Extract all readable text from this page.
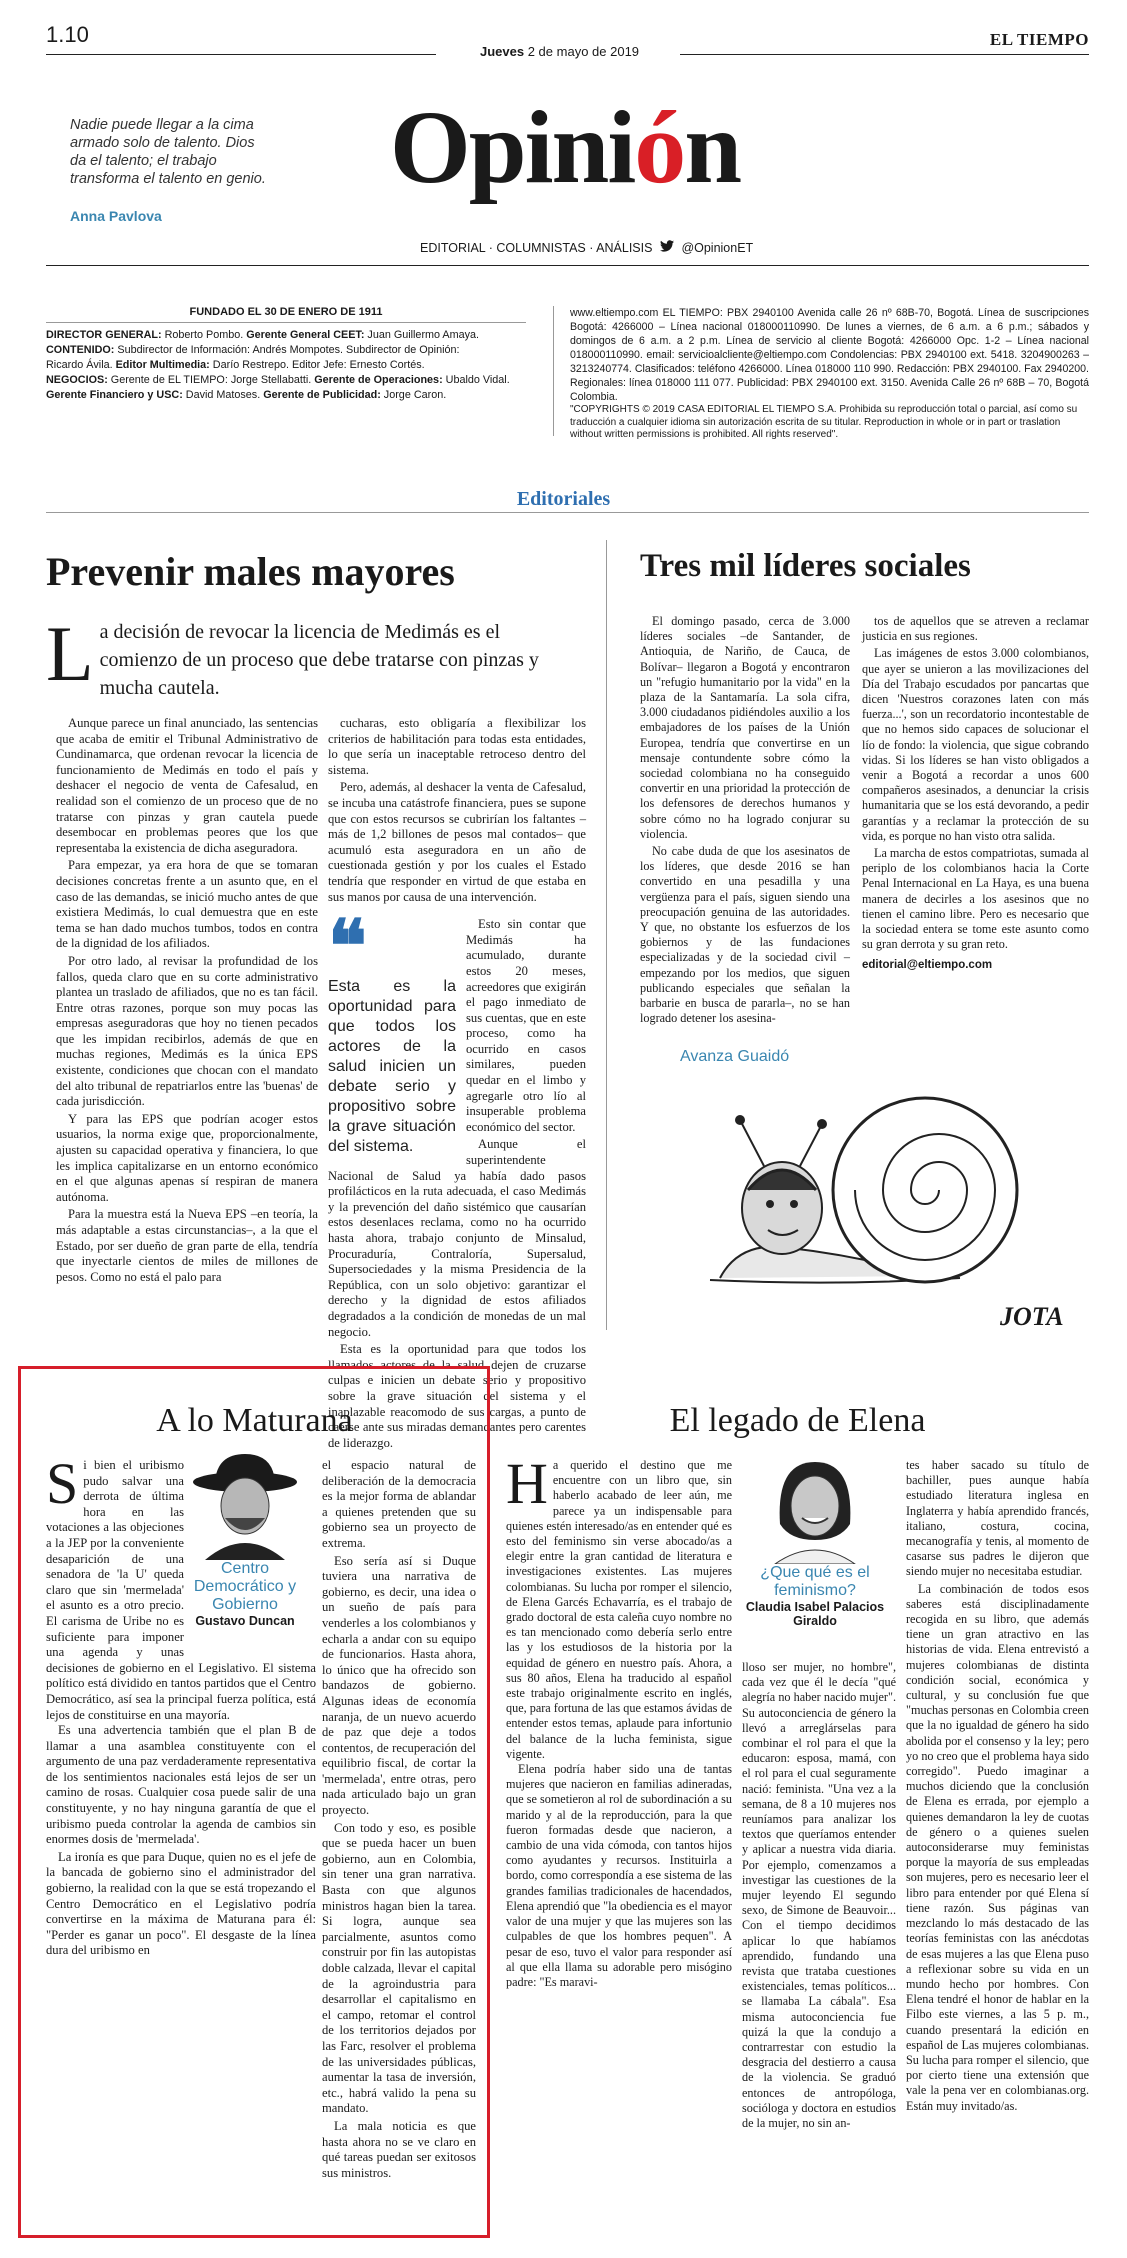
1.10
Jueves 2 de mayo de 2019
EL TIEMPO
Nadie puede llegar a la cima armado solo de talento. Dios da el talento; el trabajo transforma el talento en genio.
Anna Pavlova
Opinión
EDITORIAL · COLUMNISTAS · ANÁLISIS @OpinionET
FUNDADO EL 30 DE ENERO DE 1911
DIRECTOR GENERAL: Roberto Pombo. Gerente General CEET: Juan Guillermo Amaya.
CONTENIDO: Subdirector de Información: Andrés Mompotes. Subdirector de Opinión:
Ricardo Ávila. Editor Multimedia: Darío Restrepo. Editor Jefe: Ernesto Cortés.
NEGOCIOS: Gerente de EL TIEMPO: Jorge Stellabatti. Gerente de Operaciones: Ubaldo Vidal.
Gerente Financiero y USC: David Matoses. Gerente de Publicidad: Jorge Caron.
www.eltiempo.com EL TIEMPO: PBX 2940100 Avenida calle 26 nº 68B-70, Bogotá. Línea de suscripciones Bogotá: 4266000 – Línea nacional 018000110990. De lunes a viernes, de 6 a.m. a 6 p.m.; sábados y domingos de 6 a.m. a 2 p.m. Línea de servicio al cliente Bogotá: 4266000 Opc. 1-2 – Línea nacional 018000110990. email: servicioalcliente@eltiempo.com Condolencias: PBX 2940100 ext. 5418. 3204900263 – 3213240774. Clasificados: teléfono 4266000. Línea 018000 110 990. Redacción: PBX 2940100. Fax 2940200. Regionales: línea 018000 111 077. Publicidad: PBX 2940100 ext. 3150. Avenida Calle 26 nº 68B – 70, Bogotá Colombia.
"COPYRIGHTS © 2019 CASA EDITORIAL EL TIEMPO S.A. Prohibida su reproducción total o parcial, así como su traducción a cualquier idioma sin autorización escrita de su titular. Reproduction in whole or in part or traslation without written permissions is prohibited. All rights reserved".
Editoriales
Prevenir males mayores
La decisión de revocar la licencia de Medimás es el comienzo de un proceso que debe tratarse con pinzas y mucha cautela.

Aunque parece un final anunciado, las sentencias que acaba de emitir el Tribunal Administrativo de Cundinamarca, que ordenan revocar la licencia de funcionamiento de Medimás en todo el país y deshacer el negocio de venta de Cafesalud, en realidad son el comienzo de un proceso que de no tratarse con pinzas y gran cautela puede desembocar en problemas peores que los que representaba la existencia de dicha aseguradora.

Para empezar, ya era hora de que se tomaran decisiones concretas frente a un asunto que, en el caso de las demandas, se inició mucho antes de que existiera Medimás, lo cual demuestra que en este tema se han dado muchos tumbos, todos en contra de la dignidad de los afiliados.

Por otro lado, al revisar la profundidad de los fallos, queda claro que en su corte administrativo plantea un traslado de afiliados, que no es tan fácil. Entre otras razones, porque son muy pocas las empresas aseguradoras que hoy no tienen pecados que les impidan recibirlos, además de que en muchas regiones, Medimás es la única EPS existente, condiciones que chocan con el mandato del alto tribunal de repatriarlos entre las 'buenas' de cada jurisdicción.

Y para las EPS que podrían acoger estos usuarios, la norma exige que, proporcionalmente, ajusten su capacidad operativa y financiera, lo que les implica capitalizarse en un entorno económico en el que algunas apenas sí respiran de manera autónoma.

Para la muestra está la Nueva EPS –en teoría, la más adaptable a estas circunstancias–, a la que el Estado, por ser dueño de gran parte de ella, tendría que inyectarle cientos de miles de millones de pesos. Como no está el palo para

cucharas, esto obligaría a flexibilizar los criterios de habilitación para todas esta entidades, lo que sería un inaceptable retroceso dentro del sistema.

Pero, además, al deshacer la venta de Cafesalud, se incuba una catástrofe financiera, pues se supone que con estos recursos se cubrirían los faltantes –más de 1,2 billones de pesos mal contados– que acumuló esta aseguradora en un año de cuestionada gestión y por los cuales el Estado tendría que responder en virtud de que estaba en sus manos por causa de una intervención.

❝
Esta es la oportunidad para que todos los actores de la salud inicien un debate serio y propositivo sobre la grave situación del sistema.

Esto sin contar que Medimás ha acumulado, durante estos 20 meses, acreedores que exigirán el pago inmediato de sus cuentas, que en este proceso, como ha ocurrido en casos similares, pueden quedar en el limbo y agregarle otro lío al insuperable problema económico del sector.

Aunque el superintendente Nacional de Salud ya había dado pasos profilácticos en la ruta adecuada, el caso Medimás y la prevención del daño sistémico que causarían estos desenlaces reclama, como no ha ocurrido hasta ahora, trabajo conjunto de Minsalud, Procuraduría, Contraloría, Supersalud, Supersociedades y la misma Presidencia de la República, con un solo objetivo: garantizar el derecho y la dignidad de estos afiliados degradados a la condición de monedas de un mal negocio.

Esta es la oportunidad para que todos los llamados actores de la salud dejen de cruzarse culpas e inicien un debate serio y propositivo sobre la grave situación del sistema y el inaplazable reacomodo de sus cargas, a punto de caerse ante sus miradas demandantes pero carentes de liderazgo.

Tres mil líderes sociales

El domingo pasado, cerca de 3.000 líderes sociales –de Santander, de Antioquia, de Nariño, de Cauca, de Bolívar– llegaron a Bogotá y encontraron un "refugio humanitario por la vida" en la plaza de la Santamaría. La sola cifra, 3.000 ciudadanos pidiéndoles auxilio a los embajadores de los países de la Unión Europea, tendría que convertirse en un mensaje contundente sobre cómo la sociedad colombiana no ha conseguido convertir en una prioridad la protección de los defensores de derechos humanos y sobre cómo no ha logrado conjurar su violencia.

No cabe duda de que los asesinatos de los líderes, que desde 2016 se han convertido en una pesadilla y una vergüenza para el país, siguen siendo una preocupación genuina de las autoridades. Y que, no obstante los esfuerzos de los gobiernos y de las fundaciones especializadas y de la sociedad civil –empezando por los medios, que siguen publicando especiales que señalan la barbarie en busca de pararla–, no se han logrado detener los asesina-

tos de aquellos que se atreven a reclamar justicia en sus regiones.

Las imágenes de estos 3.000 colombianos, que ayer se unieron a las movilizaciones del Día del Trabajo escudados por pancartas que dicen 'Nuestros corazones laten con más fuerza...', son un recordatorio incontestable de que no hemos sido capaces de solucionar el lío de fondo: la violencia, que sigue cobrando vidas. Si los líderes se han visto obligados a venir a Bogotá a recordar a unos 600 compañeros asesinados, a denunciar la crisis humanitaria que se los está devorando, a pedir garantías y a reclamar la protección de su vida, es porque no han visto otra salida.

La marcha de estos compatriotas, sumada al periplo de los colombianos hacia la Corte Penal Internacional en La Haya, es una buena manera de decirles a los asesinos que no tienen el camino libre. Pero es necesario que la sociedad entera se tome este asunto como su gran derrota y su gran reto.

editorial@eltiempo.com
Avanza Guaidó
JOTA
A lo Maturana
Centro Democrático y Gobierno
Gustavo Duncan
S i bien el uribismo pudo salvar una derrota de última hora en las votaciones a las objeciones a la JEP por la conveniente desaparición de una senadora de 'la U' queda claro que sin 'mermelada' el asunto es a otro precio. El carisma de Uribe no es suficiente para imponer una agenda y unas decisiones de gobierno en el Legislativo. El sistema político está dividido en tantos partidos que el Centro Democrático, así sea la principal fuerza política, está lejos de constituirse en una mayoría.

Es una advertencia también que el plan B de llamar a una asamblea constituyente con el argumento de una paz verdaderamente representativa de los sentimientos nacionales está lejos de ser un camino de rosas. Cualquier cosa puede salir de una constituyente, y no hay ninguna garantía de que el uribismo pueda controlar la agenda de cambios sin enormes dosis de 'mermelada'.

La ironía es que para Duque, quien no es el jefe de la bancada de gobierno sino el administrador del gobierno, la realidad con la que se está tropezando el Centro Democrático en el Legislativo podría convertirse en la máxima de Maturana para él: "Perder es ganar un poco". El desgaste de la línea dura del uribismo en

el espacio natural de deliberación de la democracia es la mejor forma de ablandar a quienes pretenden que su gobierno sea un proyecto de extrema.

Eso sería así si Duque tuviera una narrativa de gobierno, es decir, una idea o un sueño de país para venderles a los colombianos y echarla a andar con su equipo de funcionarios. Hasta ahora, lo único que ha ofrecido son bandazos de gobierno. Algunas ideas de economía naranja, de un nuevo acuerdo de paz que deje a todos contentos, de recuperación del equilibrio fiscal, de cortar la 'mermelada', entre otras, pero nada articulado bajo un gran proyecto.

Con todo y eso, es posible que se pueda hacer un buen gobierno, aun en Colombia, sin tener una gran narrativa. Basta con que algunos ministros hagan bien la tarea. Si logra, aunque sea parcialmente, asuntos como construir por fin las autopistas doble calzada, llevar el capital de la agroindustria para desarrollar el capitalismo en el campo, retomar el control de los territorios dejados por las Farc, resolver el problema de las universidades públicas, aumentar la tasa de inversión, etc., habrá valido la pena su mandato.

La mala noticia es que hasta ahora no se ve claro en qué tareas puedan ser exitosos sus ministros.

El legado de Elena
¿Que qué es el feminismo?
Claudia Isabel Palacios Giraldo
H a querido el destino que me encuentre con un libro que, sin haberlo acabado de leer aún, me parece ya un indispensable para quienes estén interesado/as en entender qué es esto del feminismo sin verse abocado/as a elegir entre la gran cantidad de literatura e investigaciones existentes. Las mujeres colombianas. Su lucha por romper el silencio, de Elena Garcés Echavarría, es el trabajo de grado doctoral de esta caleña cuyo nombre no es tan mencionado como debería serlo entre las y los estudiosos de la historia por la equidad de género en nuestro país. Ahora, a sus 80 años, Elena ha traducido al español este trabajo originalmente escrito en inglés, que, para fortuna de las que estamos ávidas de entender estos temas, aplaude para infortunio del balance de la lucha feminista, sigue vigente.

Elena podría haber sido una de tantas mujeres que nacieron en familias adineradas, que se sometieron al rol de subordinación a su marido y al de la reproducción, para la que fueron formadas desde que nacieron, a cambio de una vida cómoda, con tantos hijos como ayudantes y recursos. Instituirla a bordo, como correspondía a ese sistema de las grandes familias tradicionales de hacendados, Elena aprendió que "la obediencia es el mayor valor de una mujer y que las mujeres son las culpables de que los hombres pequen". A pesar de eso, tuvo el valor para responder así al que ella llama su adorable pero misógino padre: "Es maravi-

lloso ser mujer, no hombre", cada vez que él le decía "qué alegría no haber nacido mujer". Su autoconciencia de género la llevó a arreglárselas para combinar el rol para el que la educaron: esposa, mamá, con el rol para el cual seguramente nació: feminista. "Una vez a la semana, de 8 a 10 mujeres nos reuníamos para analizar los textos que queríamos entender y aplicar a nuestra vida diaria. Por ejemplo, comenzamos a investigar las cuestiones de la mujer leyendo El segundo sexo, de Simone de Beauvoir... Con el tiempo decidimos aplicar lo que habíamos aprendido, fundando una revista que trataba cuestiones existenciales, temas políticos... se llamaba La cábala". Esa misma autoconciencia fue quizá la que la condujo a contrarrestar con estudio la desgracia del destierro a causa de la violencia. Se graduó entonces de antropóloga, socióloga y doctora en estudios de la mujer, no sin an-

tes haber sacado su título de bachiller, pues aunque había estudiado literatura inglesa en Inglaterra y había aprendido francés, italiano, costura, cocina, mecanografía y tenis, al momento de casarse sus padres le dijeron que siendo mujer no necesitaba estudiar.

La combinación de todos esos saberes está disciplinadamente recogida en su libro, que además tiene un gran atractivo en las historias de vida. Elena entrevistó a mujeres colombianas de distinta condición social, económica y cultural, y su conclusión fue que "muchas personas en Colombia creen que la no igualdad de género ha sido abolida por el consenso y la ley; pero yo no creo que el problema haya sido corregido". Puedo imaginar a muchos diciendo que la conclusión de Elena es errada, por ejemplo a quienes demandaron la ley de cuotas de género o a quienes suelen autoconsiderarse muy feministas porque la mayoría de sus empleadas son mujeres, pero es necesario leer el libro para entender por qué Elena sí tiene razón. Sus páginas van mezclando lo más destacado de las teorías feministas con las anécdotas de esas mujeres a las que Elena puso a reflexionar sobre su vida en un mundo hecho por hombres. Con Elena tendré el honor de hablar en la Filbo este viernes, a las 5 p. m., cuando presentará la edición en español de Las mujeres colombianas. Su lucha para romper el silencio, que por cierto tiene una extensión que vale la pena ver en colombianas.org. Están muy invitado/as.
